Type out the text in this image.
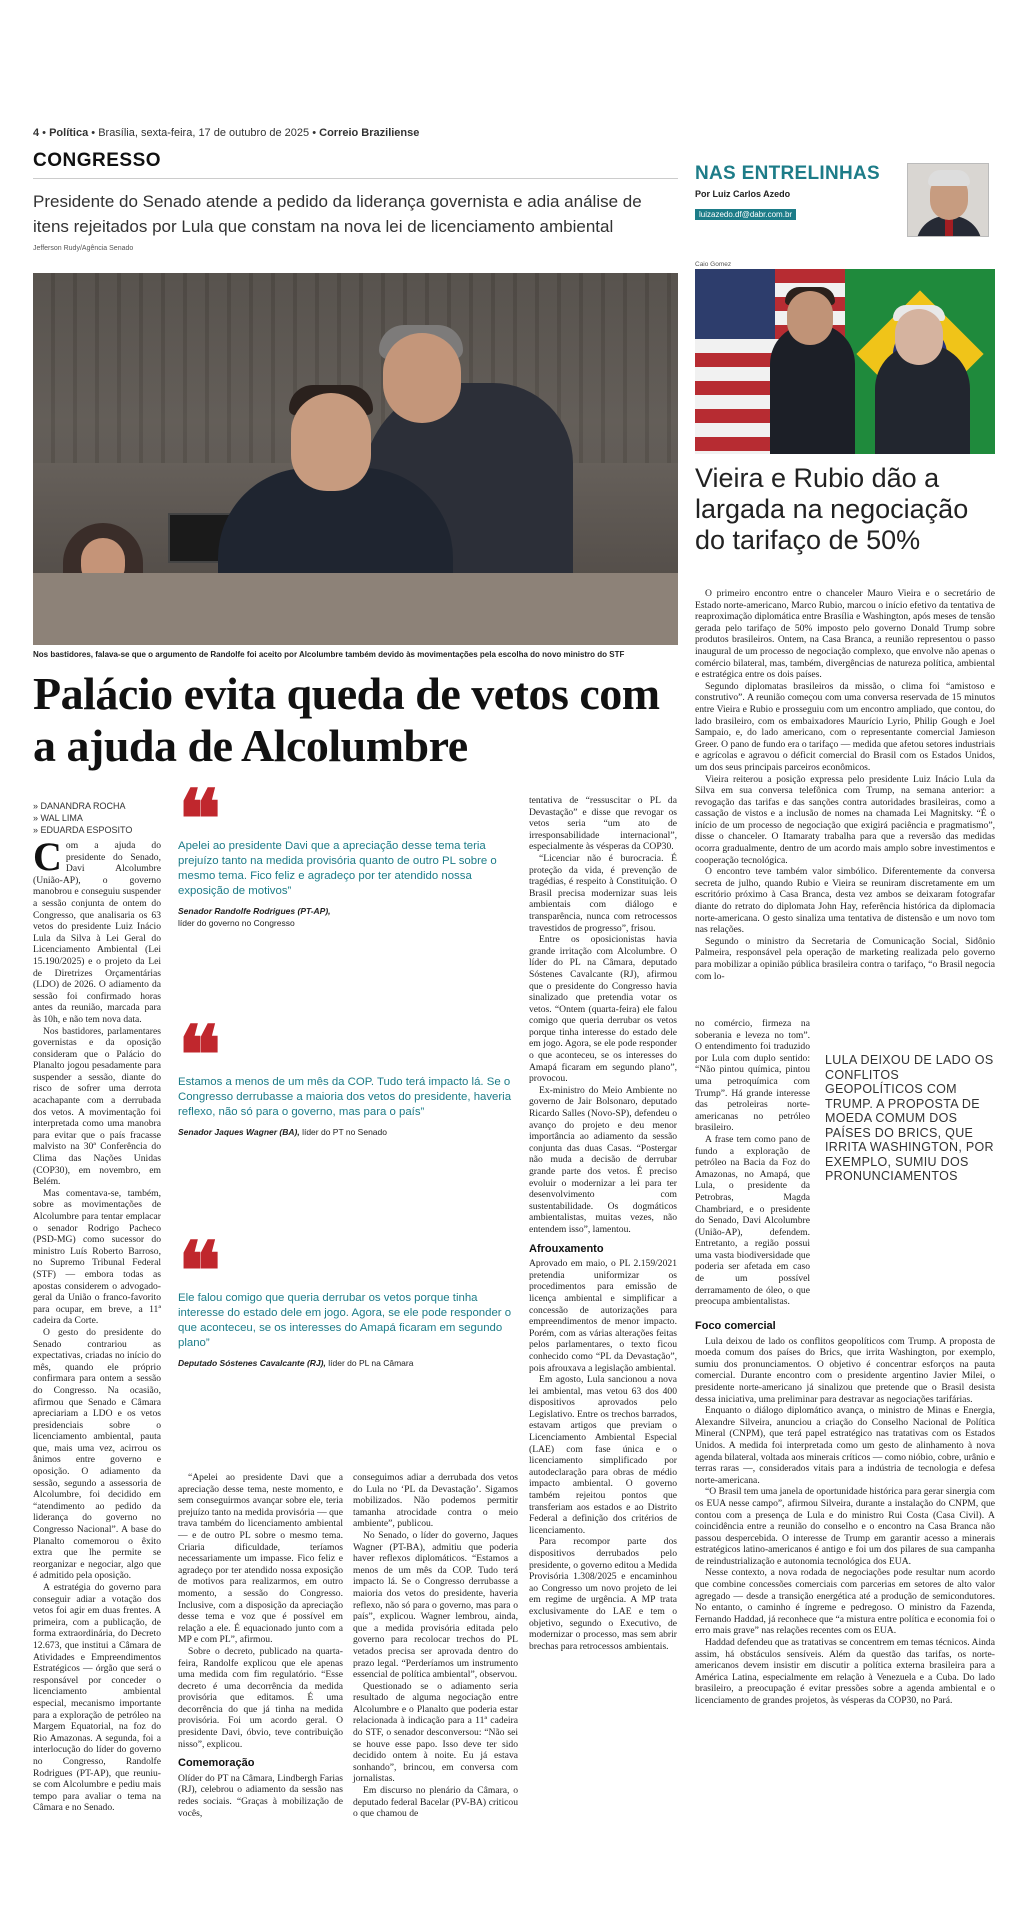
4 • Política • Brasília, sexta-feira, 17 de outubro de 2025 • Correio Braziliense
CONGRESSO
Presidente do Senado atende a pedido da liderança governista e adia análise de itens rejeitados por Lula que constam na nova lei de licenciamento ambiental
Jefferson Rudy/Agência Senado
Nos bastidores, falava-se que o argumento de Randolfe foi aceito por Alcolumbre também devido às movimentações pela escolha do novo ministro do STF
Palácio evita queda de vetos com a ajuda de Alcolumbre
» DANANDRA ROCHA
» WAL LIMA
» EDUARDA ESPOSITO

Com a ajuda do presidente do Senado, Davi Alcolumbre (União-AP), o governo manobrou e conseguiu suspender a sessão conjunta de ontem do Congresso, que analisaria os 63 vetos do presidente Luiz Inácio Lula da Silva à Lei Geral do Licenciamento Ambiental (Lei 15.190/2025) e o projeto da Lei de Diretrizes Orçamentárias (LDO) de 2026. O adiamento da sessão foi confirmado horas antes da reunião, marcada para às 10h, e não tem nova data.

Nos bastidores, parlamentares governistas e da oposição consideram que o Palácio do Planalto jogou pesadamente para suspender a sessão, diante do risco de sofrer uma derrota acachapante com a derrubada dos vetos. A movimentação foi interpretada como uma manobra para evitar que o país fracasse malvisto na 30ª Conferência do Clima das Nações Unidas (COP30), em novembro, em Belém.

Mas comentava-se, também, sobre as movimentações de Alcolumbre para tentar emplacar o senador Rodrigo Pacheco (PSD-MG) como sucessor do ministro Luís Roberto Barroso, no Supremo Tribunal Federal (STF) — embora todas as apostas considerem o advogado-geral da União o franco-favorito para ocupar, em breve, a 11ª cadeira da Corte.

O gesto do presidente do Senado contrariou as expectativas, criadas no início do mês, quando ele próprio confirmara para ontem a sessão do Congresso. Na ocasião, afirmou que Senado e Câmara apreciariam a LDO e os vetos presidenciais sobre o licenciamento ambiental, pauta que, mais uma vez, acirrou os ânimos entre governo e oposição. O adiamento da sessão, segundo a assessoria de Alcolumbre, foi decidido em “atendimento ao pedido da liderança do governo no Congresso Nacional”. A base do Planalto comemorou o êxito extra que lhe permite se reorganizar e negociar, algo que é admitido pela oposição.

A estratégia do governo para conseguir adiar a votação dos vetos foi agir em duas frentes. A primeira, com a publicação, de forma extraordinária, do Decreto 12.673, que institui a Câmara de Atividades e Empreendimentos Estratégicos — órgão que será o responsável por conceder o licenciamento ambiental especial, mecanismo importante para a exploração de petróleo na Margem Equatorial, na foz do Rio Amazonas. A segunda, foi a interlocução do líder do governo no Congresso, Randolfe Rodrigues (PT-AP), que reuniu-se com Alcolumbre e pediu mais tempo para avaliar o tema na Câmara e no Senado.

❝
Apelei ao presidente Davi que a apreciação desse tema teria prejuízo tanto na medida provisória quanto de outro PL sobre o mesmo tema. Fico feliz e agradeço por ter atendido nossa exposição de motivos”
Senador Randolfe Rodrigues (PT-AP),
líder do governo no Congresso
❝
Estamos a menos de um mês da COP. Tudo terá impacto lá. Se o Congresso derrubasse a maioria dos vetos do presidente, haveria reflexo, não só para o governo, mas para o país”
Senador Jaques Wagner (BA), líder do PT no Senado
❝
Ele falou comigo que queria derrubar os vetos porque tinha interesse do estado dele em jogo. Agora, se ele pode responder o que aconteceu, se os interesses do Amapá ficaram em segundo plano”
Deputado Sóstenes Cavalcante (RJ), líder do PL na Câmara

“Apelei ao presidente Davi que a apreciação desse tema, neste momento, e sem conseguirmos avançar sobre ele, teria prejuízo tanto na medida provisória — que trava também do licenciamento ambiental — e de outro PL sobre o mesmo tema. Criaria dificuldade, teríamos necessariamente um impasse. Fico feliz e agradeço por ter atendido nossa exposição de motivos para realizarmos, em outro momento, a sessão do Congresso. Inclusive, com a disposição da apreciação desse tema e voz que é possível em relação a ele. É equacionado junto com a MP e com PL”, afirmou.

Sobre o decreto, publicado na quarta-feira, Randolfe explicou que ele apenas uma medida com fim regulatório. “Esse decreto é uma decorrência da medida provisória que editamos. É uma decorrência do que já tinha na medida provisória. Foi um acordo geral. O presidente Davi, óbvio, teve contribuição nisso”, explicou.

Comemoração

Olíder do PT na Câmara, Lindbergh Farias (RJ), celebrou o adiamento da sessão nas redes sociais. “Graças à mobilização de vocês,

conseguimos adiar a derrubada dos vetos do Lula no ‘PL da Devastação’. Sigamos mobilizados. Não podemos permitir tamanha atrocidade contra o meio ambiente”, publicou.

No Senado, o líder do governo, Jaques Wagner (PT-BA), admitiu que poderia haver reflexos diplomáticos. “Estamos a menos de um mês da COP. Tudo terá impacto lá. Se o Congresso derrubasse a maioria dos vetos do presidente, haveria reflexo, não só para o governo, mas para o país”, explicou. Wagner lembrou, ainda, que a medida provisória editada pelo governo para recolocar trechos do PL vetados precisa ser aprovada dentro do prazo legal. “Perderíamos um instrumento essencial de política ambiental”, observou.

Questionado se o adiamento seria resultado de alguma negociação entre Alcolumbre e o Planalto que poderia estar relacionada à indicação para a 11ª cadeira do STF, o senador desconversou: “Não sei se houve esse papo. Isso deve ter sido decidido ontem à noite. Eu já estava sonhando”, brincou, em conversa com jornalistas.

Em discurso no plenário da Câmara, o deputado federal Bacelar (PV-BA) criticou o que chamou de

tentativa de “ressuscitar o PL da Devastação” e disse que revogar os vetos seria “um ato de irresponsabilidade internacional”, especialmente às vésperas da COP30.

“Licenciar não é burocracia. É proteção da vida, é prevenção de tragédias, é respeito à Constituição. O Brasil precisa modernizar suas leis ambientais com diálogo e transparência, nunca com retrocessos travestidos de progresso”, frisou.

Entre os oposicionistas havia grande irritação com Alcolumbre. O líder do PL na Câmara, deputado Sóstenes Cavalcante (RJ), afirmou que o presidente do Congresso havia sinalizado que pretendia votar os vetos. “Ontem (quarta-feira) ele falou comigo que queria derrubar os vetos porque tinha interesse do estado dele em jogo. Agora, se ele pode responder o que aconteceu, se os interesses do Amapá ficaram em segundo plano”, provocou.

Ex-ministro do Meio Ambiente no governo de Jair Bolsonaro, deputado Ricardo Salles (Novo-SP), defendeu o avanço do projeto e deu menor importância ao adiamento da sessão conjunta das duas Casas. “Postergar não muda a decisão de derrubar grande parte dos vetos. É preciso evoluir o modernizar a lei para ter desenvolvimento com sustentabilidade. Os dogmáticos ambientalistas, muitas vezes, não entendem isso”, lamentou.

Afrouxamento

Aprovado em maio, o PL 2.159/2021 pretendia uniformizar os procedimentos para emissão de licença ambiental e simplificar a concessão de autorizações para empreendimentos de menor impacto. Porém, com as várias alterações feitas pelos parlamentares, o texto ficou conhecido como “PL da Devastação”, pois afrouxava a legislação ambiental.

Em agosto, Lula sancionou a nova lei ambiental, mas vetou 63 dos 400 dispositivos aprovados pelo Legislativo. Entre os trechos barrados, estavam artigos que previam o Licenciamento Ambiental Especial (LAE) com fase única e o licenciamento simplificado por autodeclaração para obras de médio impacto ambiental. O governo também rejeitou pontos que transferiam aos estados e ao Distrito Federal a definição dos critérios de licenciamento.

Para recompor parte dos dispositivos derrubados pelo presidente, o governo editou a Medida Provisória 1.308/2025 e encaminhou ao Congresso um novo projeto de lei em regime de urgência. A MP trata exclusivamente do LAE e tem o objetivo, segundo o Executivo, de modernizar o processo, mas sem abrir brechas para retrocessos ambientais.

NAS ENTRELINHAS
Por Luiz Carlos Azedo
luizazedo.df@dabr.com.br
Caio Gomez
Vieira e Rubio dão a largada na negociação do tarifaço de 50%

O primeiro encontro entre o chanceler Mauro Vieira e o secretário de Estado norte-americano, Marco Rubio, marcou o início efetivo da tentativa de reaproximação diplomática entre Brasília e Washington, após meses de tensão gerada pelo tarifaço de 50% imposto pelo governo Donald Trump sobre produtos brasileiros. Ontem, na Casa Branca, a reunião representou o passo inaugural de um processo de negociação complexo, que envolve não apenas o comércio bilateral, mas, também, divergências de natureza política, ambiental e estratégica entre os dois países.

Segundo diplomatas brasileiros da missão, o clima foi “amistoso e construtivo”. A reunião começou com uma conversa reservada de 15 minutos entre Vieira e Rubio e prosseguiu com um encontro ampliado, que contou, do lado brasileiro, com os embaixadores Maurício Lyrio, Philip Gough e Joel Sampaio, e, do lado americano, com o representante comercial Jamieson Greer. O pano de fundo era o tarifaço — medida que afetou setores industriais e agrícolas e agravou o déficit comercial do Brasil com os Estados Unidos, um dos seus principais parceiros econômicos.

Vieira reiterou a posição expressa pelo presidente Luiz Inácio Lula da Silva em sua conversa telefônica com Trump, na semana anterior: a revogação das tarifas e das sanções contra autoridades brasileiras, como a cassação de vistos e a inclusão de nomes na chamada Lei Magnitsky. “É o início de um processo de negociação que exigirá paciência e pragmatismo”, disse o chanceler. O Itamaraty trabalha para que a reversão das medidas ocorra gradualmente, dentro de um acordo mais amplo sobre investimentos e cooperação tecnológica.

O encontro teve também valor simbólico. Diferentemente da conversa secreta de julho, quando Rubio e Vieira se reuniram discretamente em um escritório próximo à Casa Branca, desta vez ambos se deixaram fotografar diante do retrato do diplomata John Hay, referência histórica da diplomacia norte-americana. O gesto sinaliza uma tentativa de distensão e um novo tom nas relações.

Segundo o ministro da Secretaria de Comunicação Social, Sidônio Palmeira, responsável pela operação de marketing realizada pelo governo para mobilizar a opinião pública brasileira contra o tarifaço, “o Brasil negocia com lo-

no comércio, firmeza na soberania e leveza no tom”. O entendimento foi traduzido por Lula com duplo sentido: “Não pintou química, pintou uma petroquímica com Trump”. Há grande interesse das petroleiras norte-americanas no petróleo brasileiro.

A frase tem como pano de fundo a exploração de petróleo na Bacia da Foz do Amazonas, no Amapá, que Lula, o presidente da Petrobras, Magda Chambriard, e o presidente do Senado, Davi Alcolumbre (União-AP), defendem. Entretanto, a região possui uma vasta biodiversidade que poderia ser afetada em caso de um possível derramamento de óleo, o que preocupa ambientalistas.

LULA DEIXOU DE LADO OS CONFLITOS GEOPOLÍTICOS COM TRUMP. A PROPOSTA DE MOEDA COMUM DOS PAÍSES DO BRICS, QUE IRRITA WASHINGTON, POR EXEMPLO, SUMIU DOS PRONUNCIAMENTOS
Foco comercial

Lula deixou de lado os conflitos geopolíticos com Trump. A proposta de moeda comum dos países do Brics, que irrita Washington, por exemplo, sumiu dos pronunciamentos. O objetivo é concentrar esforços na pauta comercial. Durante encontro com o presidente argentino Javier Milei, o presidente norte-americano já sinalizou que pretende que o Brasil desista dessa iniciativa, uma preliminar para destravar as negociações tarifárias.

Enquanto o diálogo diplomático avança, o ministro de Minas e Energia, Alexandre Silveira, anunciou a criação do Conselho Nacional de Política Mineral (CNPM), que terá papel estratégico nas tratativas com os Estados Unidos. A medida foi interpretada como um gesto de alinhamento à nova agenda bilateral, voltada aos minerais críticos — como nióbio, cobre, urânio e terras raras —, considerados vitais para a indústria de tecnologia e defesa norte-americana.

“O Brasil tem uma janela de oportunidade histórica para gerar sinergia com os EUA nesse campo”, afirmou Silveira, durante a instalação do CNPM, que contou com a presença de Lula e do ministro Rui Costa (Casa Civil). A coincidência entre a reunião do conselho e o encontro na Casa Branca não passou despercebida. O interesse de Trump em garantir acesso a minerais estratégicos latino-americanos é antigo e foi um dos pilares de sua campanha de reindustrialização e autonomia tecnológica dos EUA.

Nesse contexto, a nova rodada de negociações pode resultar num acordo que combine concessões comerciais com parcerias em setores de alto valor agregado — desde a transição energética até a produção de semicondutores. No entanto, o caminho é íngreme e pedregoso. O ministro da Fazenda, Fernando Haddad, já reconhece que “a mistura entre política e economia foi o erro mais grave” nas relações recentes com os EUA.

Haddad defendeu que as tratativas se concentrem em temas técnicos. Ainda assim, há obstáculos sensíveis. Além da questão das tarifas, os norte-americanos devem insistir em discutir a política externa brasileira para a América Latina, especialmente em relação à Venezuela e a Cuba. Do lado brasileiro, a preocupação é evitar pressões sobre a agenda ambiental e o licenciamento de grandes projetos, às vésperas da COP30, no Pará.
